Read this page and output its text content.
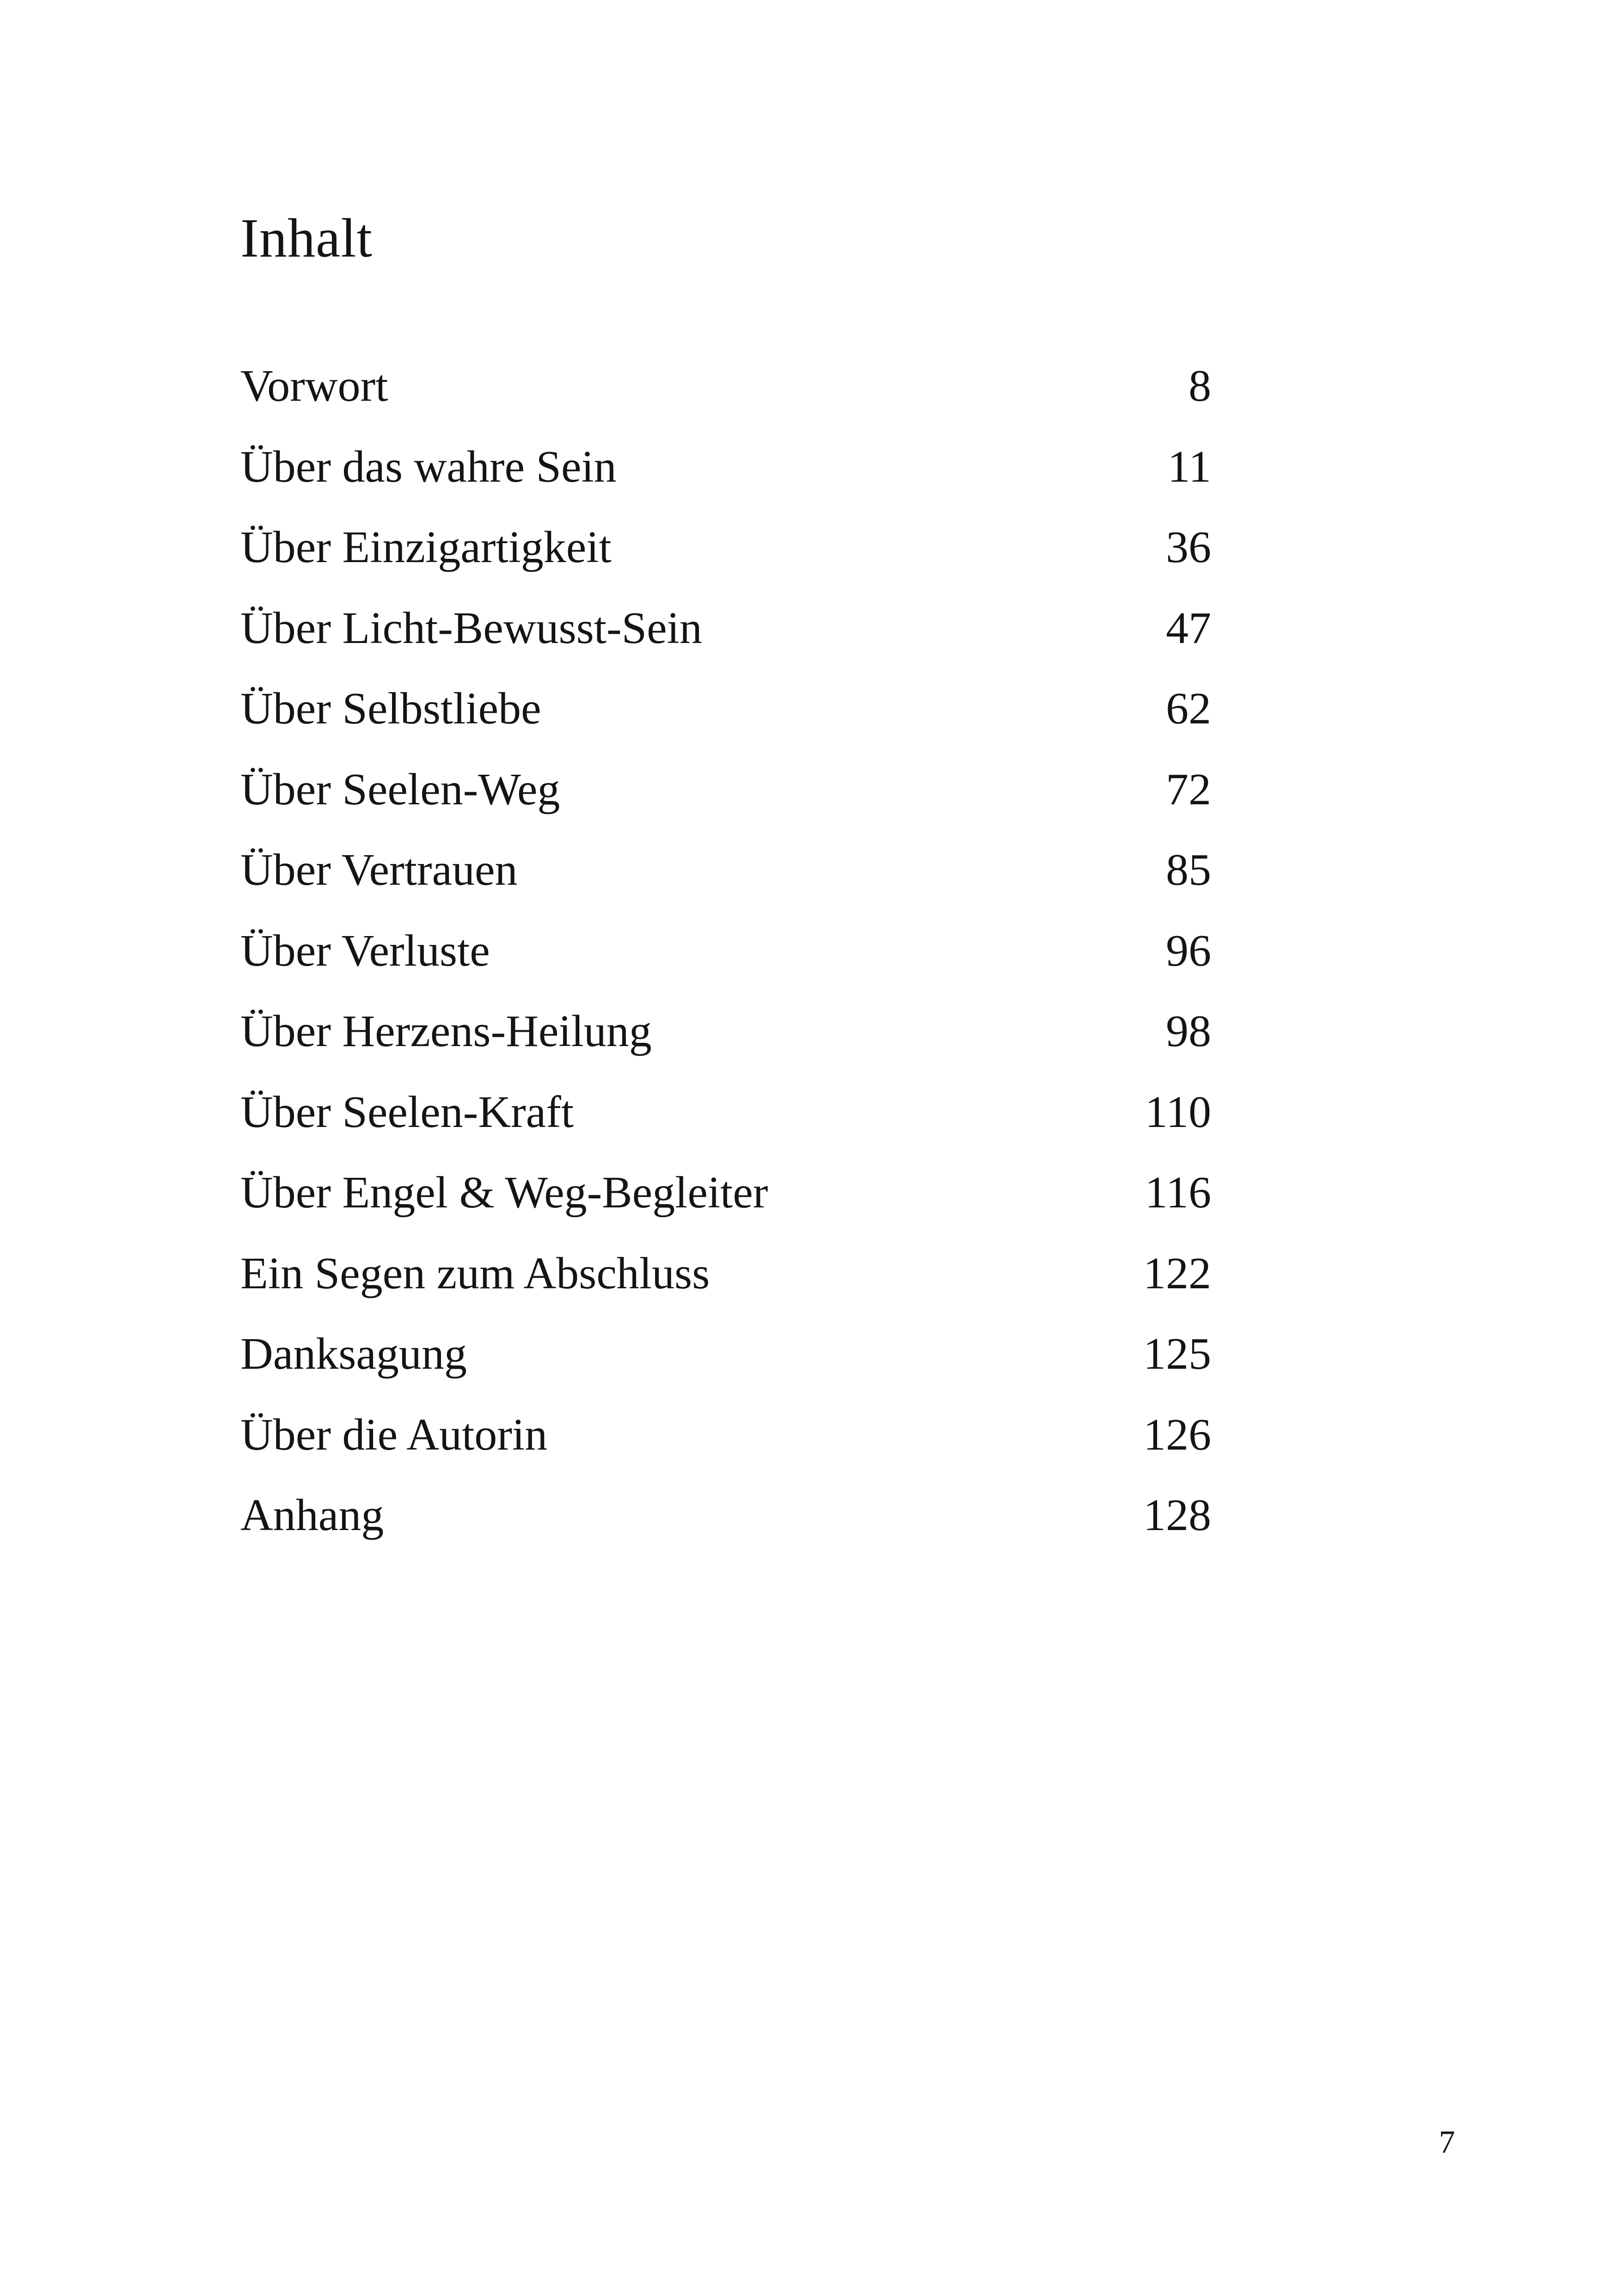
Inhalt
Vorwort	8
Über das wahre Sein	11
Über Einzigartigkeit	36
Über Licht-Bewusst-Sein	47
Über Selbstliebe	62
Über Seelen-Weg	72
Über Vertrauen	85
Über Verluste	96
Über Herzens-Heilung	98
Über Seelen-Kraft	110
Über Engel & Weg-Begleiter	116
Ein Segen zum Abschluss	122
Danksagung	125
Über die Autorin	126
Anhang	128
7
